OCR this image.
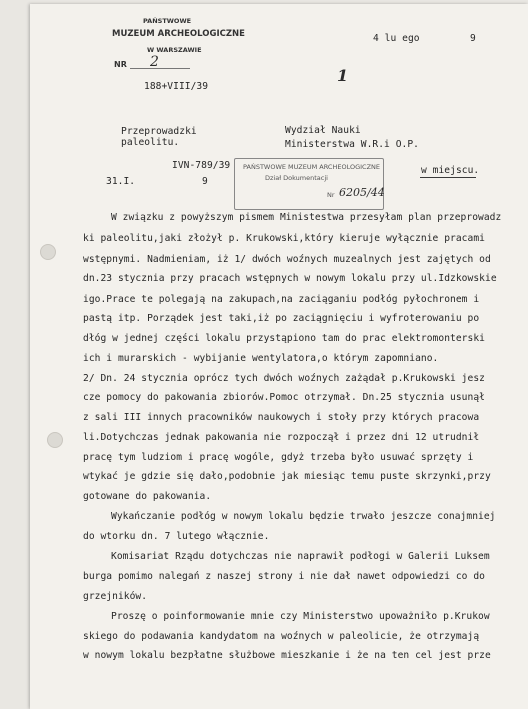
PAŃSTWOWE
MUZEUM ARCHEOLOGICZNE
W WARSZAWIE
NR 2
188+VIII/39
4 lu ego	9
1
Przeprowadzki
paleolitu.
Wydział Nauki
Ministerstwa W.R.i O.P.
w miejscu.
IVN-789/39
31.I.	9
PAŃSTWOWE MUZEUM ARCHEOLOGICZNE
Dział Dokumentacji
Nr 6205/44
W związku z powyższym pismem Ministestwa przesyłam plan przeprowadz
ki paleolitu,jaki złożył p. Krukowski,który kieruje wyłącznie pracami
wstępnymi. Nadmieniam, iż 1/ dwóch woźnych muzealnych jest zajętych od
dn.23 stycznia przy pracach wstępnych w nowym lokalu przy ul.Idzkowskie
igo.Prace te polegają na zakupach,na zaciąganiu podłóg pyłochronem i
pastą itp. Porządek jest taki,iż po zaciągnięciu i wyfroterowaniu po
dłóg w jednej części lokalu przystąpiono tam do prac elektromonterski
ich i murarskich - wybijanie wentylatora,o którym zapomniano.
2/ Dn. 24 stycznia oprócz tych dwóch woźnych zażądał p.Krukowski jesz
cze pomocy do pakowania zbiorów.Pomoc otrzymał. Dn.25 stycznia usunął
z sali III innych pracowników naukowych i stoły przy których pracowa
li.Dotychczas jednak pakowania nie rozpoczął i przez dni 12 utrudnił
pracę tym ludziom i pracę wogóle, gdyż trzeba było usuwać sprzęty i
wtykać je gdzie się dało,podobnie jak miesiąc temu puste skrzynki,przy
gotowane do pakowania.
Wykańczanie podłóg w nowym lokalu będzie trwało jeszcze conajmniej
do wtorku dn. 7 lutego włącznie.
Komisariat Rządu dotychczas nie naprawił podłogi w Galerii Luksem
burga pomimo nalegań z naszej strony i nie dał nawet odpowiedzi co do
grzejników.
Proszę o poinformowanie mnie czy Ministerstwo upoważniło p.Krukow
skiego do podawania kandydatom na woźnych w paleolicie, że otrzymają
w nowym lokalu bezpłatne służbowe mieszkanie i że na ten cel jest prze
